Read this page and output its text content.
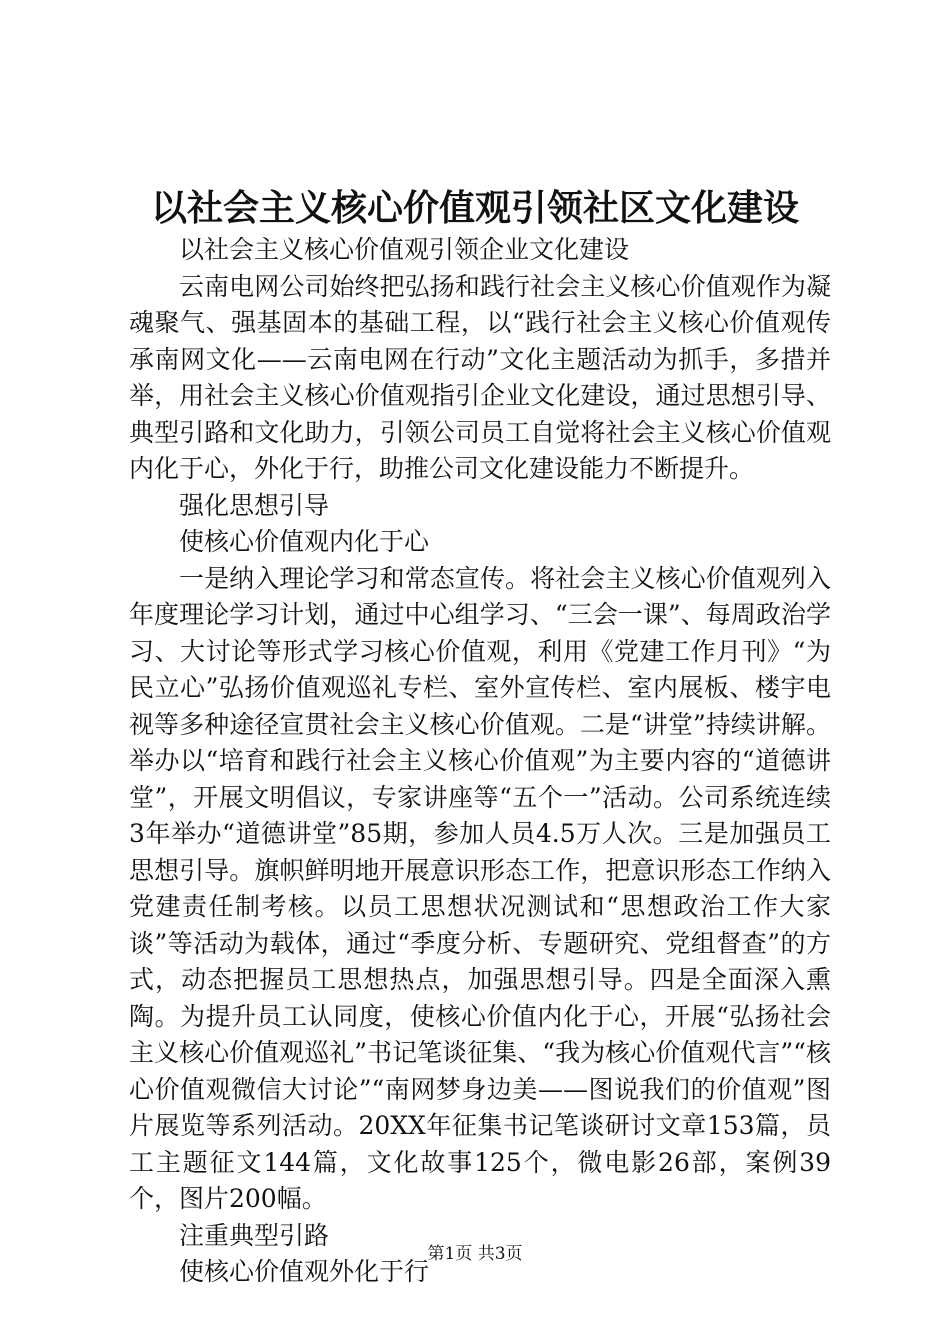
以社会主义核心价值观引领社区文化建设

以社会主义核心价值观引领企业文化建设

云南电网公司始终把弘扬和践行社会主义核心价值观作为凝魂聚气、强基固本的基础工程，以“践行社会主义核心价值观传承南网文化——云南电网在行动”文化主题活动为抓手，多措并举，用社会主义核心价值观指引企业文化建设，通过思想引导、典型引路和文化助力，引领公司员工自觉将社会主义核心价值观内化于心，外化于行，助推公司文化建设能力不断提升。

强化思想引导

使核心价值观内化于心

一是纳入理论学习和常态宣传。将社会主义核心价值观列入年度理论学习计划，通过中心组学习、“三会一课”、每周政治学习、大讨论等形式学习核心价值观，利用《党建工作月刊》“为民立心”弘扬价值观巡礼专栏、室外宣传栏、室内展板、楼宇电视等多种途径宣贯社会主义核心价值观。二是“讲堂”持续讲解。举办以“培育和践行社会主义核心价值观”为主要内容的“道德讲堂”，开展文明倡议，专家讲座等“五个一”活动。公司系统连续3年举办“道德讲堂”85期，参加人员4.5万人次。三是加强员工思想引导。旗帜鲜明地开展意识形态工作，把意识形态工作纳入党建责任制考核。以员工思想状况测试和“思想政治工作大家谈”等活动为载体，通过“季度分析、专题研究、党组督查”的方式，动态把握员工思想热点，加强思想引导。四是全面深入熏陶。为提升员工认同度，使核心价值内化于心，开展“弘扬社会主义核心价值观巡礼”书记笔谈征集、“我为核心价值观代言”“核心价值观微信大讨论”“南网梦身边美——图说我们的价值观”图片展览等系列活动。20XX年征集书记笔谈研讨文章153篇，员工主题征文144篇，文化故事125个，微电影26部，案例39个，图片200幅。

注重典型引路

使核心价值观外化于行

第1页 共3页
